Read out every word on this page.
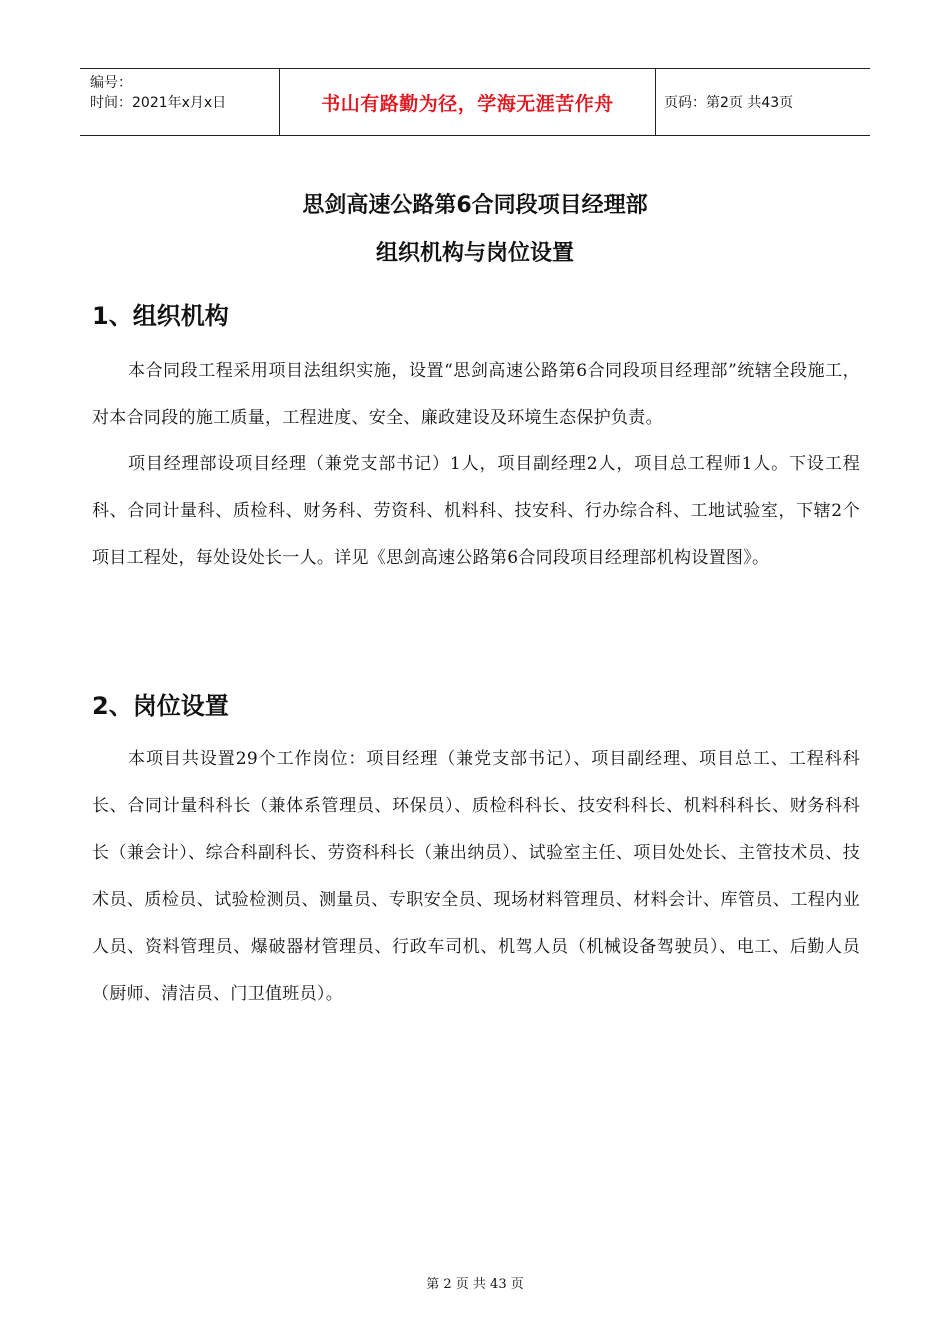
编号：
时间：2021年x月x日	书山有路勤为径，学海无涯苦作舟	页码：第2页 共43页
思剑高速公路第6合同段项目经理部
组织机构与岗位设置
1、组织机构
本合同段工程采用项目法组织实施，设置“思剑高速公路第6合同段项目经理部”统辖全段施工，对本合同段的施工质量，工程进度、安全、廉政建设及环境生态保护负责。
项目经理部设项目经理（兼党支部书记）1人，项目副经理2人，项目总工程师1人。下设工程科、合同计量科、质检科、财务科、劳资科、机料科、技安科、行办综合科、工地试验室，下辖2个项目工程处，每处设处长一人。详见《思剑高速公路第6合同段项目经理部机构设置图》。
2、岗位设置
本项目共设置29个工作岗位：项目经理（兼党支部书记）、项目副经理、项目总工、工程科科长、合同计量科科长（兼体系管理员、环保员）、质检科科长、技安科科长、机料科科长、财务科科长（兼会计）、综合科副科长、劳资科科长（兼出纳员）、试验室主任、项目处处长、主管技术员、技术员、质检员、试验检测员、测量员、专职安全员、现场材料管理员、材料会计、库管员、工程内业人员、资料管理员、爆破器材管理员、行政车司机、机驾人员（机械设备驾驶员）、电工、后勤人员（厨师、清洁员、门卫值班员）。
第 2 页 共 43 页
